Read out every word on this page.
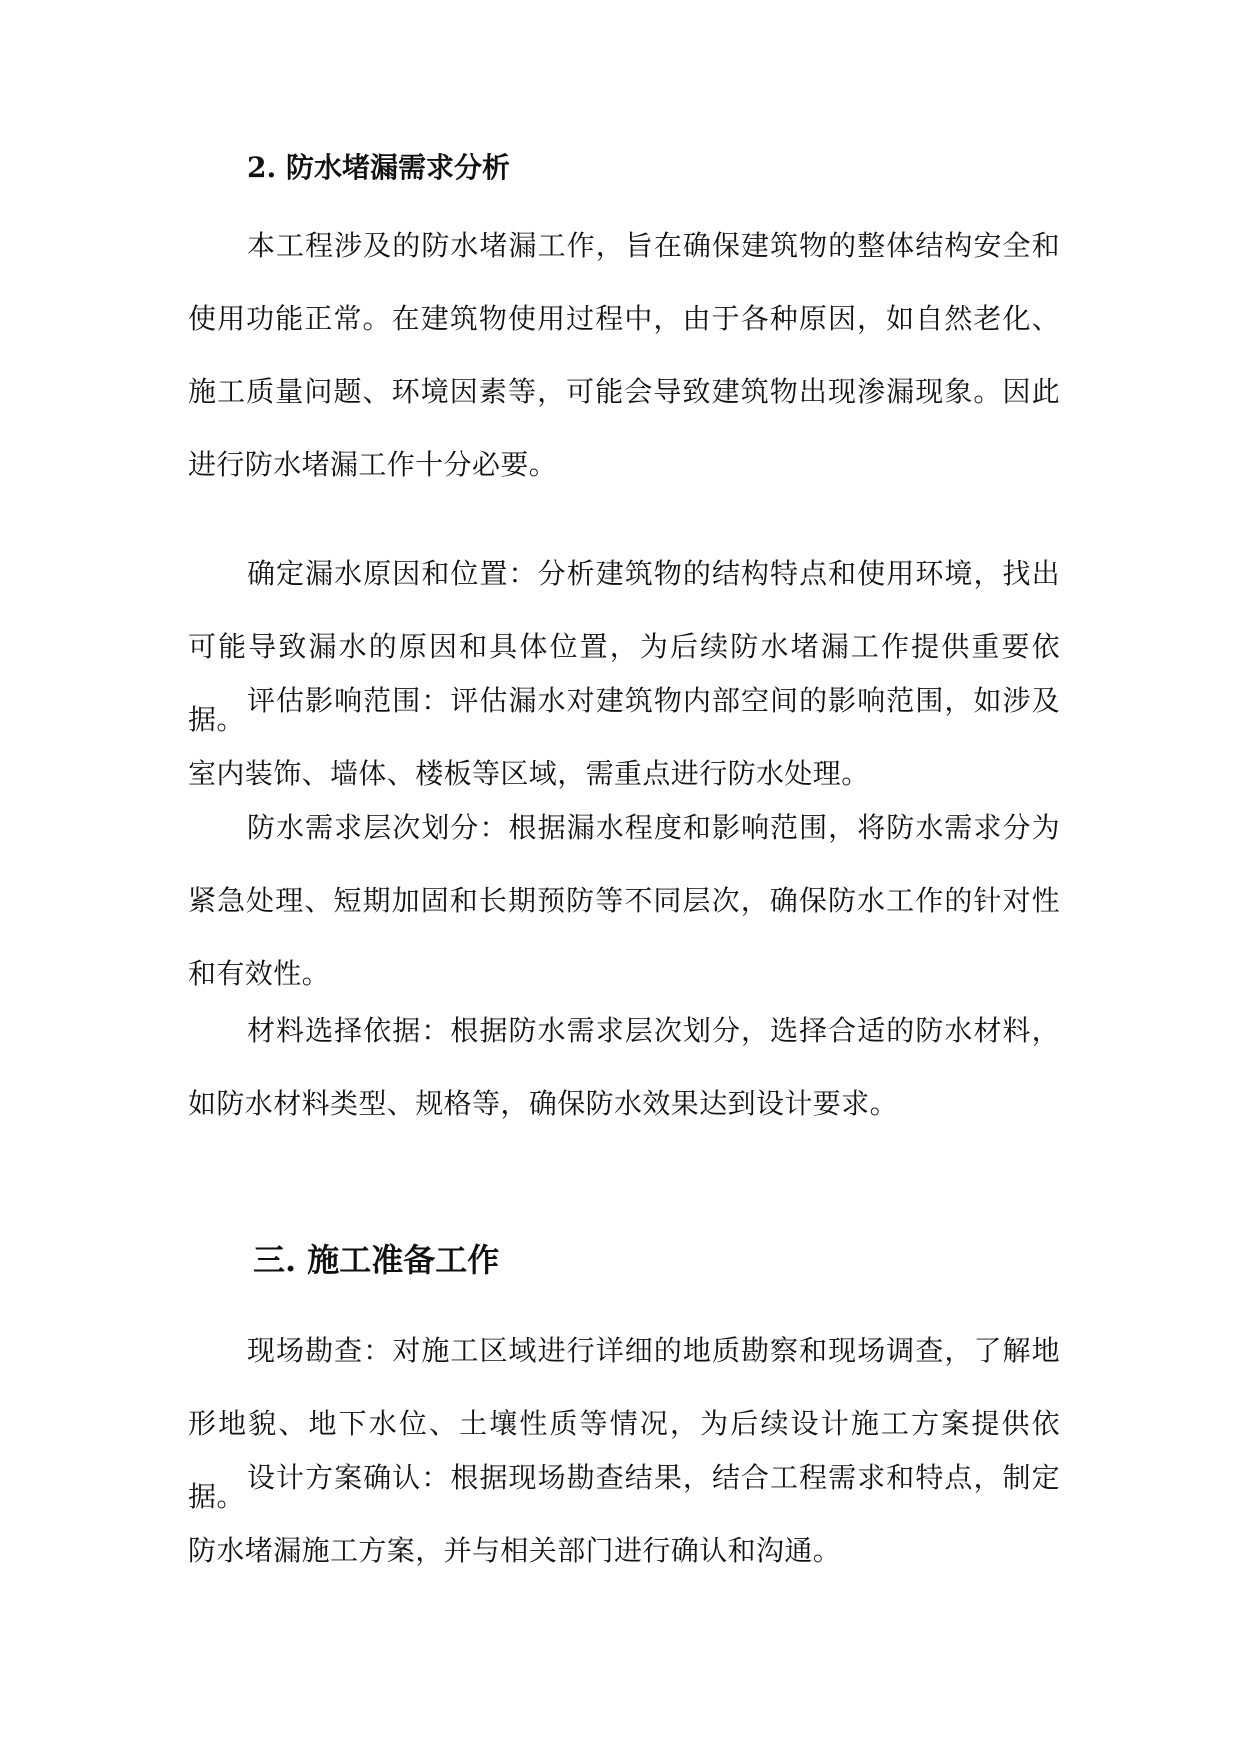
2. 防水堵漏需求分析

本工程涉及的防水堵漏工作，旨在确保建筑物的整体结构安全和使用功能正常。在建筑物使用过程中，由于各种原因，如自然老化、施工质量问题、环境因素等，可能会导致建筑物出现渗漏现象。因此进行防水堵漏工作十分必要。

确定漏水原因和位置：分析建筑物的结构特点和使用环境，找出可能导致漏水的原因和具体位置，为后续防水堵漏工作提供重要依据。

评估影响范围：评估漏水对建筑物内部空间的影响范围，如涉及室内装饰、墙体、楼板等区域，需重点进行防水处理。

防水需求层次划分：根据漏水程度和影响范围，将防水需求分为紧急处理、短期加固和长期预防等不同层次，确保防水工作的针对性和有效性。

材料选择依据：根据防水需求层次划分，选择合适的防水材料，如防水材料类型、规格等，确保防水效果达到设计要求。

三. 施工准备工作

现场勘查：对施工区域进行详细的地质勘察和现场调查，了解地形地貌、地下水位、土壤性质等情况，为后续设计施工方案提供依据。

设计方案确认：根据现场勘查结果，结合工程需求和特点，制定防水堵漏施工方案，并与相关部门进行确认和沟通。
